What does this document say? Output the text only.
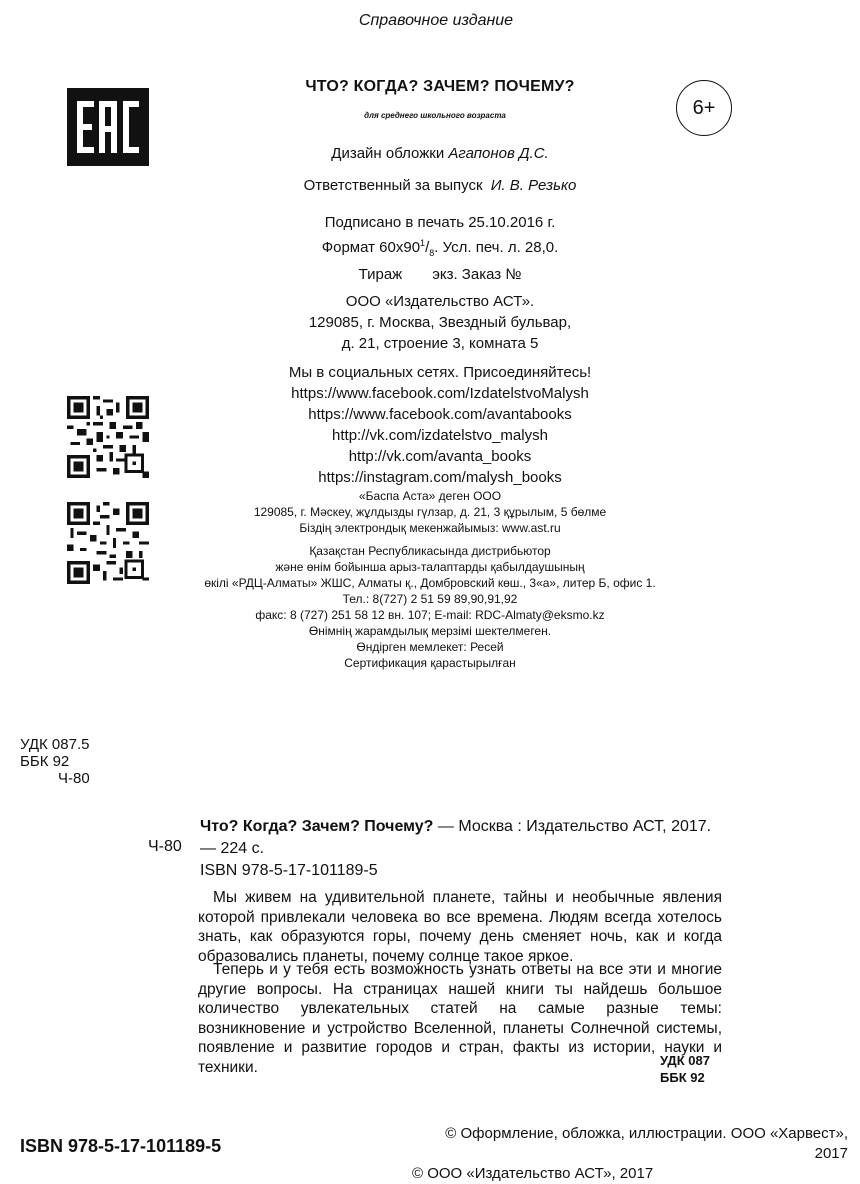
Справочное издание
ЧТО? КОГДА? ЗАЧЕМ? ПОЧЕМУ?
для среднего школьного возраста	6+
Дизайн обложки Агапонов Д.С.
Ответственный за выпуск И. В. Резько
Подписано в печать 25.10.2016 г.
Формат $60x90^1/_8$. Усл. печ. л. 28,0.
Тираж экз. Заказ №
ООО «Издательство АСТ».
129085, г. Москва, Звездный бульвар,
д. 21, строение 3, комната 5
Мы в социальных сетях. Присоединяйтесь!
https://www.facebook.com/IzdatelstvoMalysh
https://www.facebook.com/avantabooks
http://vk.com/izdatelstvo_malysh
http://vk.com/avanta_books
https://instagram.com/malysh_books
«Баспа Аста» деген ООО
129085, г. Мәскеу, жұлдызды гүлзар, д. 21, 3 құрылым, 5 бөлме
Біздің электрондық мекенжайымыз: www.ast.ru
Қазақстан Республикасында дистрибьютор
және өнім бойынша арыз-талаптарды қабылдаушының
өкілі «РДЦ-Алматы» ЖШС, Алматы қ., Домбровский көш., 3«а», литер Б, офис 1.
Тел.: 8(727) 2 51 59 89,90,91,92
факс: 8 (727) 251 58 12 вн. 107; E-mail: RDC-Almaty@eksmo.kz
Өнімнің жарамдылық мерзімі шектелмеген.
Өндірген мемлекет: Ресей
Сертификация қарастырылған
УДК 087.5
ББК 92
Ч-80
Ч-80
Что? Когда? Зачем? Почему? — Москва : Издательство АСТ, 2017. — 224 с.
ISBN 978-5-17-101189-5

Мы живем на удивительной планете, тайны и необычные явления которой привлекали человека во все времена. Людям всегда хотелось знать, как образуются горы, почему день сменяет ночь, как и когда образовались планеты, почему солнце такое яркое.

Теперь и у тебя есть возможность узнать ответы на все эти и многие другие вопросы. На страницах нашей книги ты найдешь большое количество увлекательных статей на самые разные темы: возникновение и устройство Вселенной, планеты Солнечной системы, появление и развитие городов и стран, факты из истории, науки и техники.	УДК 087
ББК 92
ISBN 978-5-17-101189-5
© Оформление, обложка, иллюстрации. ООО «Харвест», 2017
© ООО «Издательство АСТ», 2017
